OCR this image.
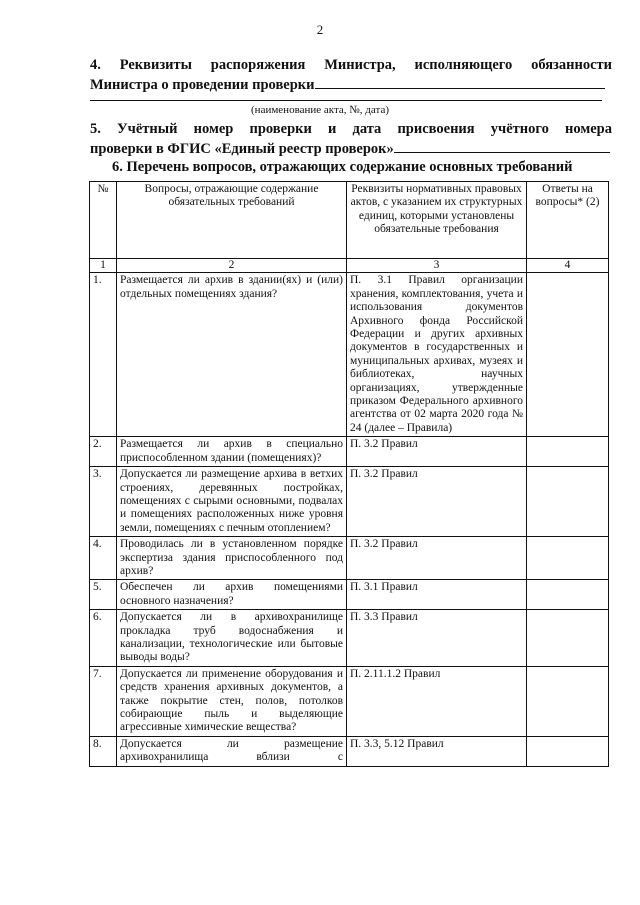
2
4. Реквизиты распоряжения Министра, исполняющего обязанности
Министра о проведении проверки
(наименование акта, №, дата)
5. Учётный номер проверки и дата присвоения учётного номера
проверки в ФГИС «Единый реестр проверок»
6. Перечень вопросов, отражающих содержание основных требований
№	Вопросы, отражающие содержание обязательных требований	Реквизиты нормативных правовых актов, с указанием их структурных единиц, которыми установлены обязательные требования	Ответы на вопросы* (2)
1	2	3	4
1.	Размещается ли архив в здании(ях) и (или) отдельных помещениях здания?	П. 3.1 Правил организации хранения, комплектования, учета и использования документов Архивного фонда Российской Федерации и других архивных документов в государственных и муниципальных архивах, музеях и библиотеках, научных организациях, утвержденные приказом Федерального архивного агентства от 02 марта 2020 года № 24 (далее – Правила)	
2.	Размещается ли архив в специально приспособленном здании (помещениях)?	П. 3.2 Правил	
3.	Допускается ли размещение архива в ветхих строениях, деревянных постройках, помещениях с сырыми основными, подвалах и помещениях расположенных ниже уровня земли, помещениях с печным отоплением?	П. 3.2 Правил	
4.	Проводилась ли в установленном порядке экспертиза здания приспособленного под архив?	П. 3.2 Правил	
5.	Обеспечен ли архив помещениями основного назначения?	П. 3.1 Правил	
6.	Допускается ли в архивохранилище прокладка труб водоснабжения и канализации, технологические или бытовые выводы воды?	П. 3.3 Правил	
7.	Допускается ли применение оборудования и средств хранения архивных документов, а также покрытие стен, полов, потолков собирающие пыль и выделяющие агрессивные химические вещества?	П. 2.11.1.2 Правил	
8.	Допускается ли размещение архивохранилища вблизи с	П. 3.3, 5.12 Правил	
